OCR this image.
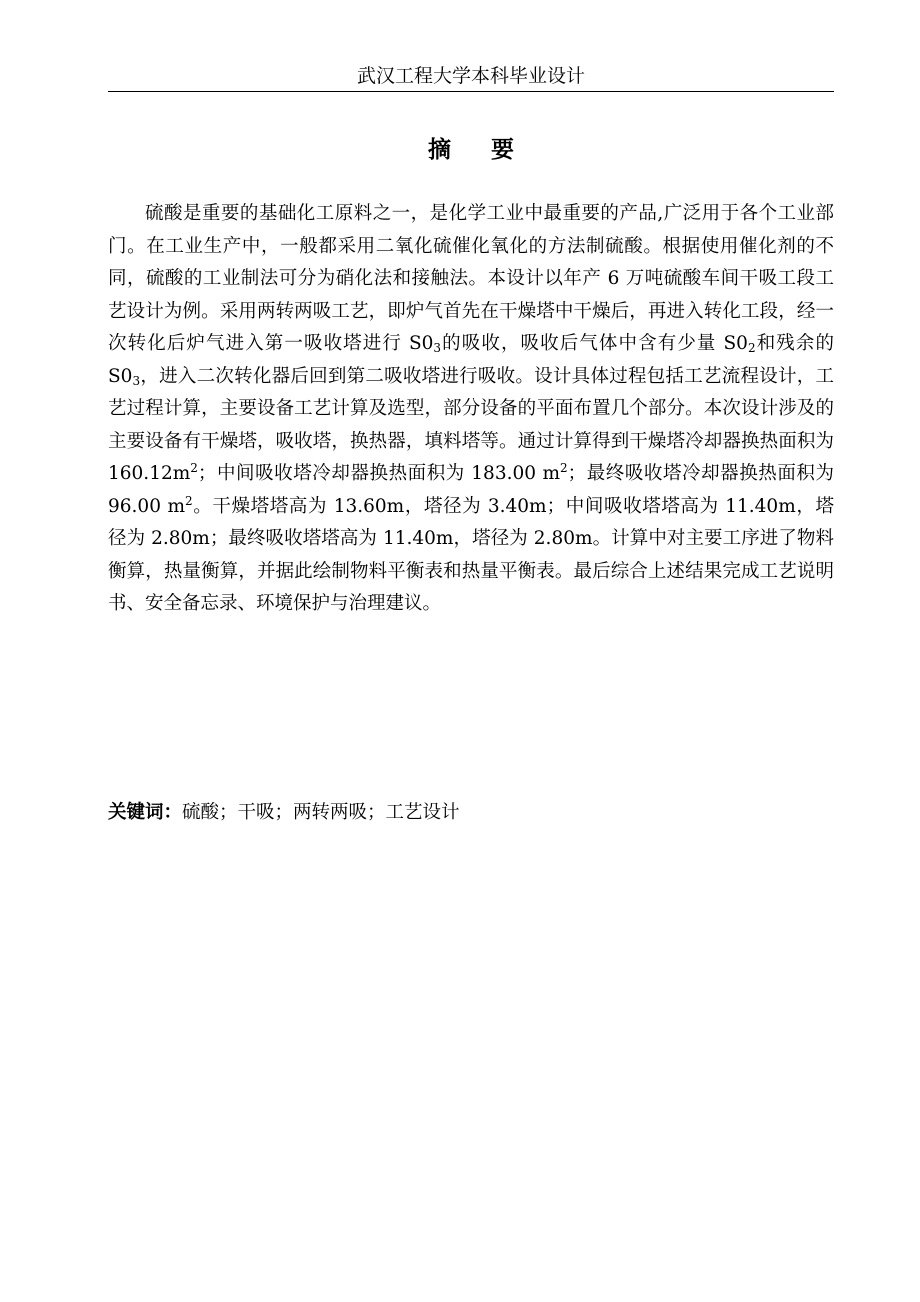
武汉工程大学本科毕业设计
摘 要

硫酸是重要的基础化工原料之一，是化学工业中最重要的产品,广泛用于各个工业部门。在工业生产中，一般都采用二氧化硫催化氧化的方法制硫酸。根据使用催化剂的不同，硫酸的工业制法可分为硝化法和接触法。本设计以年产 6 万吨硫酸车间干吸工段工艺设计为例。采用两转两吸工艺，即炉气首先在干燥塔中干燥后，再进入转化工段，经一次转化后炉气进入第一吸收塔进行 $S0_3$的吸收，吸收后气体中含有少量 $S0_2$和残余的 $S0_3$，进入二次转化器后回到第二吸收塔进行吸收。设计具体过程包括工艺流程设计，工艺过程计算，主要设备工艺计算及选型，部分设备的平面布置几个部分。本次设计涉及的主要设备有干燥塔，吸收塔，换热器，填料塔等。通过计算得到干燥塔冷却器换热面积为 $160.12m^2$；中间吸收塔冷却器换热面积为 183.00 $m^2$；最终吸收塔冷却器换热面积为 96.00 $m^2$。干燥塔塔高为 13.60m，塔径为 3.40m；中间吸收塔塔高为 11.40m，塔径为 2.80m；最终吸收塔塔高为 11.40m，塔径为 2.80m。计算中对主要工序进了物料衡算，热量衡算，并据此绘制物料平衡表和热量平衡表。最后综合上述结果完成工艺说明书、安全备忘录、环境保护与治理建议。

关键词：硫酸；干吸；两转两吸；工艺设计
